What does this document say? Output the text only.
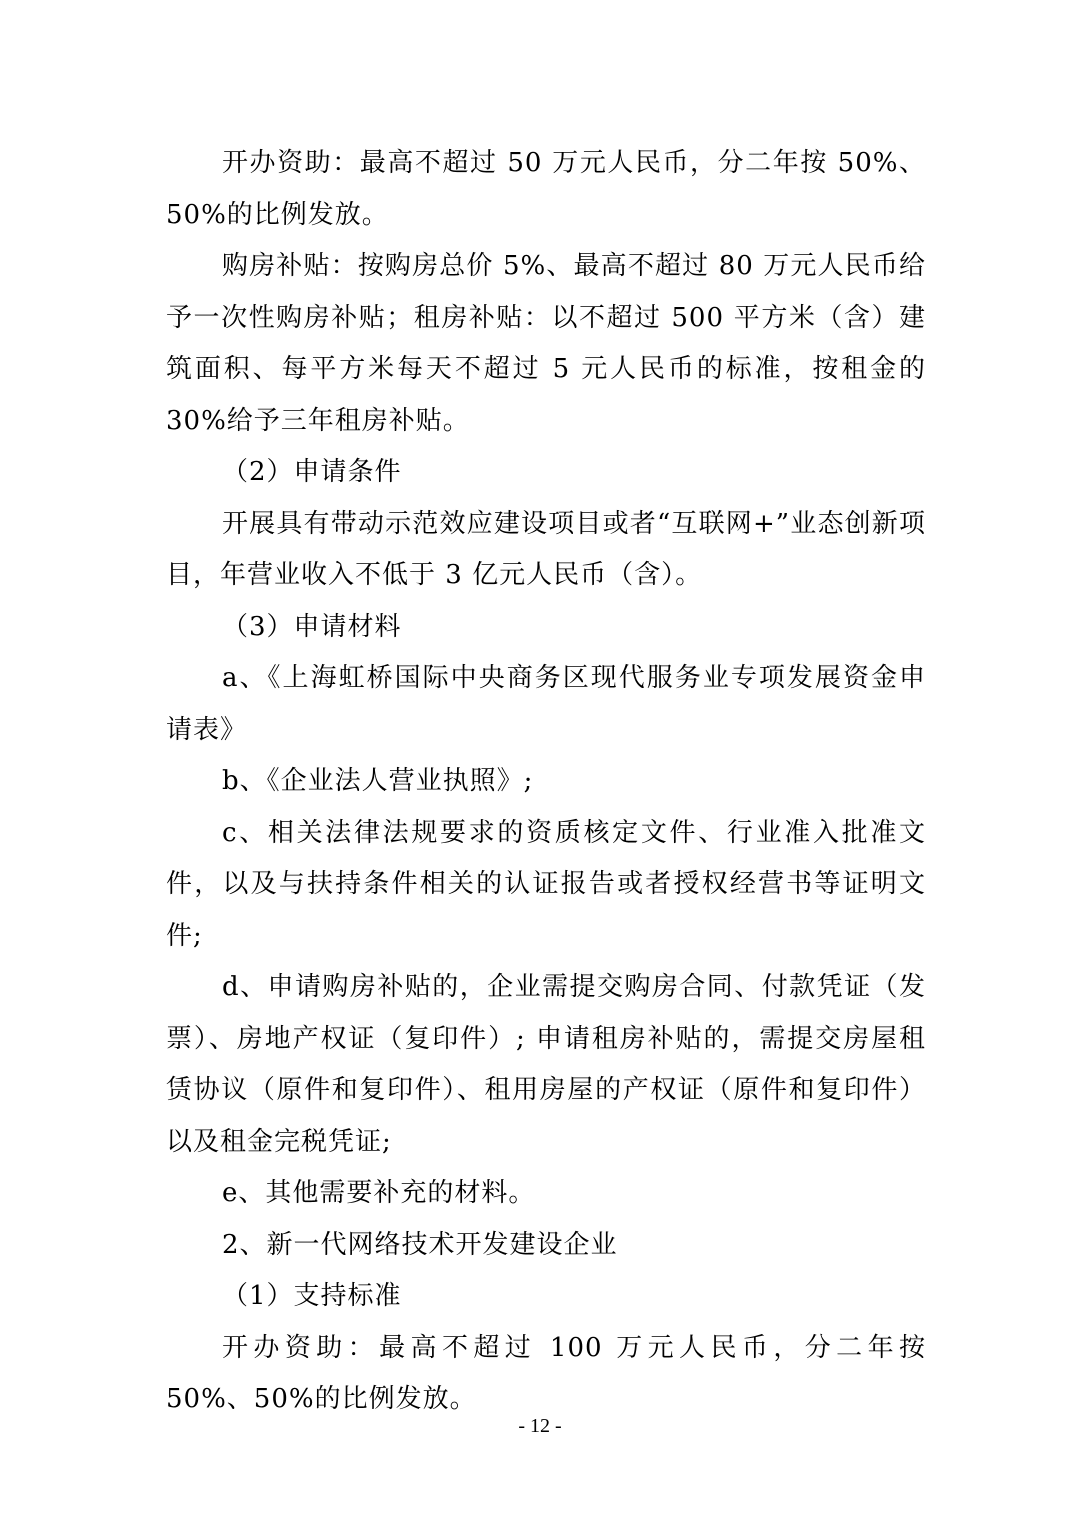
开办资助：最高不超过 50 万元人民币，分二年按 50%、50%的比例发放。

购房补贴：按购房总价 5%、最高不超过 80 万元人民币给予一次性购房补贴；租房补贴：以不超过 500 平方米（含）建筑面积、每平方米每天不超过 5 元人民币的标准，按租金的 30%给予三年租房补贴。

（2）申请条件

开展具有带动示范效应建设项目或者“互联网+”业态创新项目，年营业收入不低于 3 亿元人民币（含）。

（3）申请材料

a、《上海虹桥国际中央商务区现代服务业专项发展资金申请表》

b、《企业法人营业执照》;

c、相关法律法规要求的资质核定文件、行业准入批准文件，以及与扶持条件相关的认证报告或者授权经营书等证明文件;

d、申请购房补贴的，企业需提交购房合同、付款凭证（发票）、房地产权证（复印件）; 申请租房补贴的，需提交房屋租赁协议（原件和复印件）、租用房屋的产权证（原件和复印件）以及租金完税凭证;

e、其他需要补充的材料。

2、新一代网络技术开发建设企业

（1）支持标准

开办资助：最高不超过 100 万元人民币，分二年按 50%、50%的比例发放。

- 12 -
